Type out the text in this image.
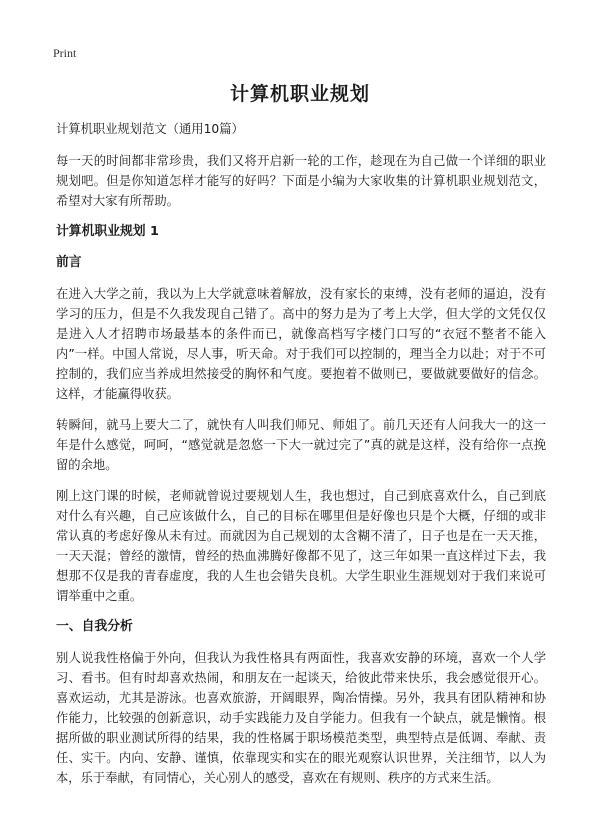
Print
计算机职业规划

计算机职业规划范文（通用10篇）

每一天的时间都非常珍贵，我们又将开启新一轮的工作，趁现在为自己做一个详细的职业规划吧。但是你知道怎样才能写的好吗？下面是小编为大家收集的计算机职业规划范文，希望对大家有所帮助。

计算机职业规划 1

前言

在进入大学之前，我以为上大学就意味着解放，没有家长的束缚，没有老师的逼迫，没有学习的压力，但是不久我发现自己错了。高中的努力是为了考上大学，但大学的文凭仅仅是进入人才招聘市场最基本的条件而已，就像高档写字楼门口写的“衣冠不整者不能入内”一样。中国人常说，尽人事，听天命。对于我们可以控制的，理当全力以赴；对于不可控制的，我们应当养成坦然接受的胸怀和气度。要抱着不做则已，要做就要做好的信念。这样，才能赢得收获。

转瞬间，就马上要大二了，就快有人叫我们师兄、师姐了。前几天还有人问我大一的这一年是什么感觉，呵呵，“感觉就是忽悠一下大一就过完了”真的就是这样，没有给你一点挽留的余地。

刚上这门课的时候，老师就曾说过要规划人生，我也想过，自己到底喜欢什么，自己到底对什么有兴趣，自己应该做什么，自己的目标在哪里但是好像也只是个大概，仔细的或非常认真的考虑好像从未有过。而就因为自己规划的太含糊不清了，日子也是在一天天推，一天天混；曾经的激情，曾经的热血沸腾好像都不见了，这三年如果一直这样过下去，我想那不仅是我的青春虚度，我的人生也会错失良机。大学生职业生涯规划对于我们来说可谓举重中之重。

一、自我分析

别人说我性格偏于外向，但我认为我性格具有两面性，我喜欢安静的环境，喜欢一个人学习、看书。但有时却喜欢热闹，和朋友在一起谈天，给彼此带来快乐，我会感觉很开心。喜欢运动，尤其是游泳。也喜欢旅游，开阔眼界，陶冶情操。另外，我具有团队精神和协作能力，比较强的创新意识，动手实践能力及自学能力。但我有一个缺点，就是懒惰。根据所做的职业测试所得的结果，我的性格属于职场模范类型，典型特点是低调、奉献、责任、实干。内向、安静、谨慎，依靠现实和实在的眼光观察认识世界，关注细节，以人为本，乐于奉献，有同情心，关心别人的感受，喜欢在有规则、秩序的方式来生活。
